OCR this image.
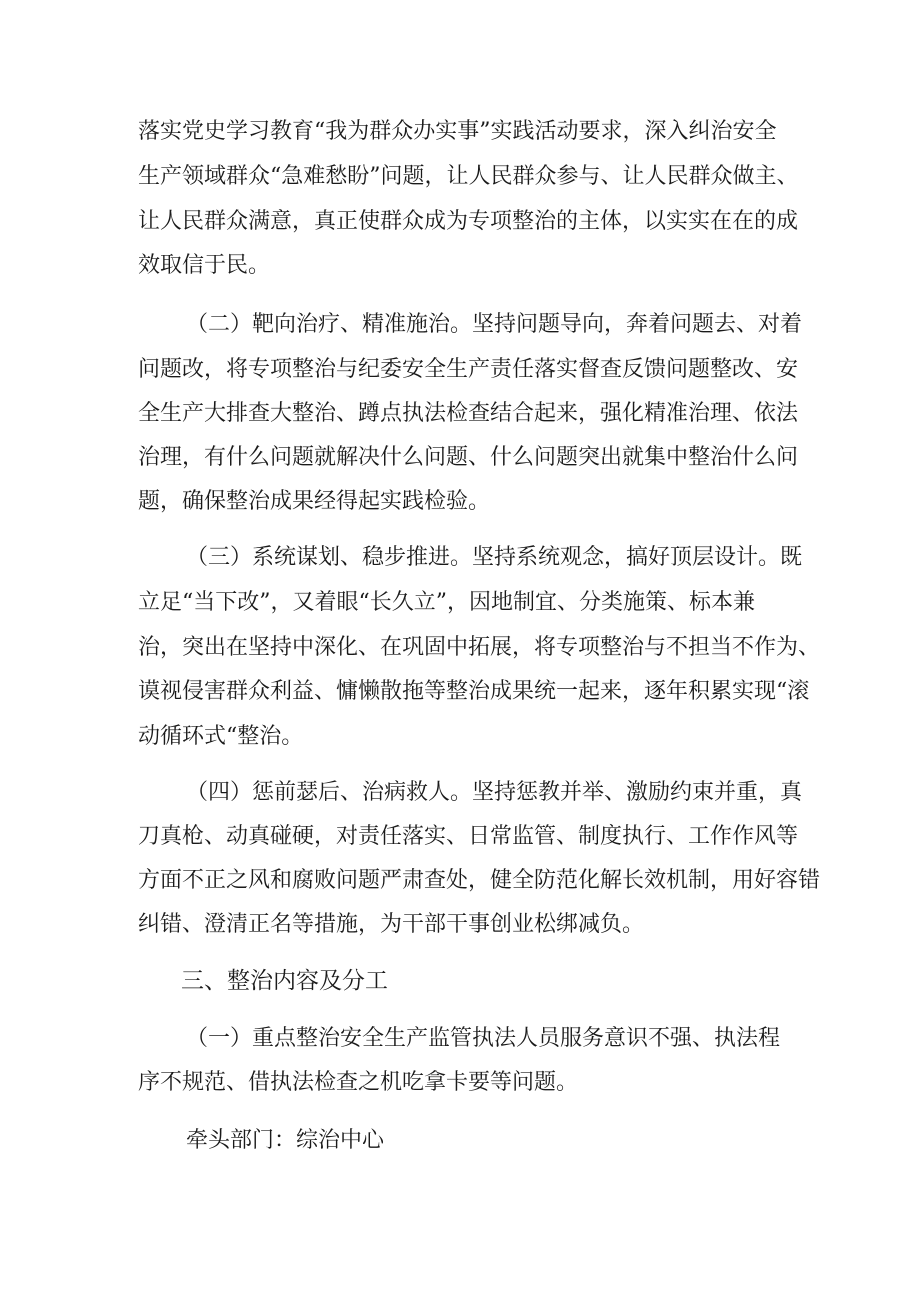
落实党史学习教育“我为群众办实事”实践活动要求，深入纠治安全
生产领域群众“急难愁盼”问题，让人民群众参与、让人民群众做主、
让人民群众满意，真正使群众成为专项整治的主体，以实实在在的成
效取信于民。
（二）靶向治疗、精准施治。坚持问题导向，奔着问题去、对着
问题改，将专项整治与纪委安全生产责任落实督查反馈问题整改、安
全生产大排查大整治、蹲点执法检查结合起来，强化精准治理、依法
治理，有什么问题就解决什么问题、什么问题突出就集中整治什么问
题，确保整治成果经得起实践检验。
（三）系统谋划、稳步推进。坚持系统观念，搞好顶层设计。既
立足“当下改”，又着眼“长久立”，因地制宜、分类施策、标本兼
治，突出在坚持中深化、在巩固中拓展，将专项整治与不担当不作为、
谟视侵害群众利益、慵懒散拖等整治成果统一起来，逐年积累实现“滚
动循环式“整治。
（四）惩前瑟后、治病救人。坚持惩教并举、激励约束并重，真
刀真枪、动真碰硬，对责任落实、日常监管、制度执行、工作作风等
方面不正之风和腐败问题严肃查处，健全防范化解长效机制，用好容错
纠错、澄清正名等措施，为干部干事创业松绑减负。
三、整治内容及分工
（一）重点整治安全生产监管执法人员服务意识不强、执法程
序不规范、借执法检查之机吃拿卡要等问题。
牵头部门：综治中心
